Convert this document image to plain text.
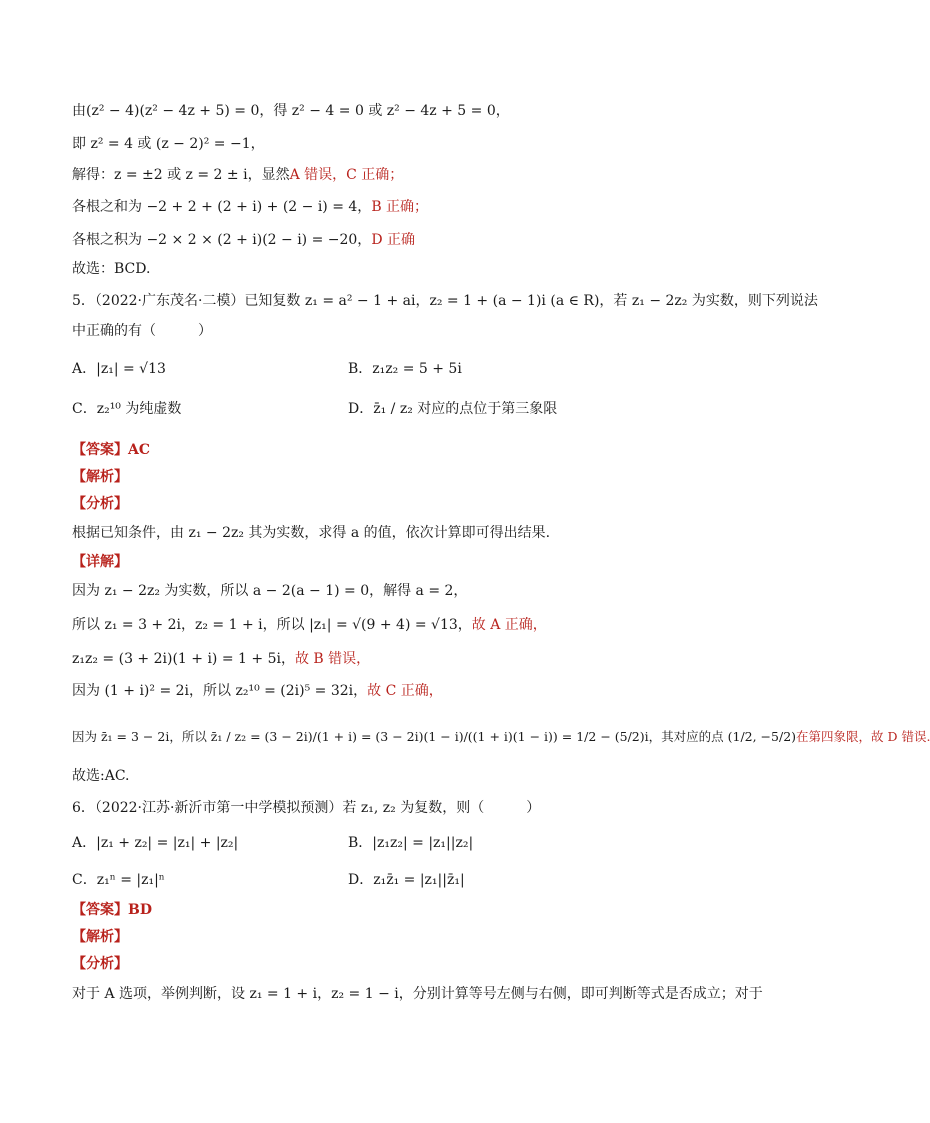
由(z² − 4)(z² − 4z + 5) = 0，得 z² − 4 = 0 或 z² − 4z + 5 = 0，
即 z² = 4 或 (z − 2)² = −1，
解得：z = ±2 或 z = 2 ± i，显然A 错误，C 正确；
各根之和为 −2 + 2 + (2 + i) + (2 − i) = 4，B 正确；
各根之积为 −2 × 2 × (2 + i)(2 − i) = −20，D 正确
故选：BCD.
5．（2022·广东茂名·二模）已知复数 z₁ = a² − 1 + ai，z₂ = 1 + (a − 1)i (a ∈ R)，若 z₁ − 2z₂ 为实数，则下列说法
中正确的有（　　　）
A．|z₁| = √13	B．z₁z₂ = 5 + 5i
C．z₂¹⁰ 为纯虚数	D．z̄₁ / z₂ 对应的点位于第三象限
【答案】AC
【解析】
【分析】
根据已知条件，由 z₁ − 2z₂ 其为实数，求得 a 的值，依次计算即可得出结果.
【详解】
因为 z₁ − 2z₂ 为实数，所以 a − 2(a − 1) = 0，解得 a = 2，
所以 z₁ = 3 + 2i，z₂ = 1 + i，所以 |z₁| = √(9 + 4) = √13，故 A 正确，
z₁z₂ = (3 + 2i)(1 + i) = 1 + 5i，故 B 错误，
因为 (1 + i)² = 2i，所以 z₂¹⁰ = (2i)⁵ = 32i，故 C 正确，
因为 z̄₁ = 3 − 2i，所以 z̄₁ / z₂ = (3 − 2i)/(1 + i) = (3 − 2i)(1 − i)/((1 + i)(1 − i)) = 1/2 − (5/2)i，其对应的点 (1/2, −5/2)在第四象限，故 D 错误.
故选:AC.
6．（2022·江苏·新沂市第一中学模拟预测）若 z₁, z₂ 为复数，则（　　　）
A．|z₁ + z₂| = |z₁| + |z₂|	B．|z₁z₂| = |z₁||z₂|
C．z₁ⁿ = |z₁|ⁿ	D．z₁z̄₁ = |z₁||z̄₁|
【答案】BD
【解析】
【分析】
对于 A 选项，举例判断，设 z₁ = 1 + i，z₂ = 1 − i，分别计算等号左侧与右侧，即可判断等式是否成立；对于
